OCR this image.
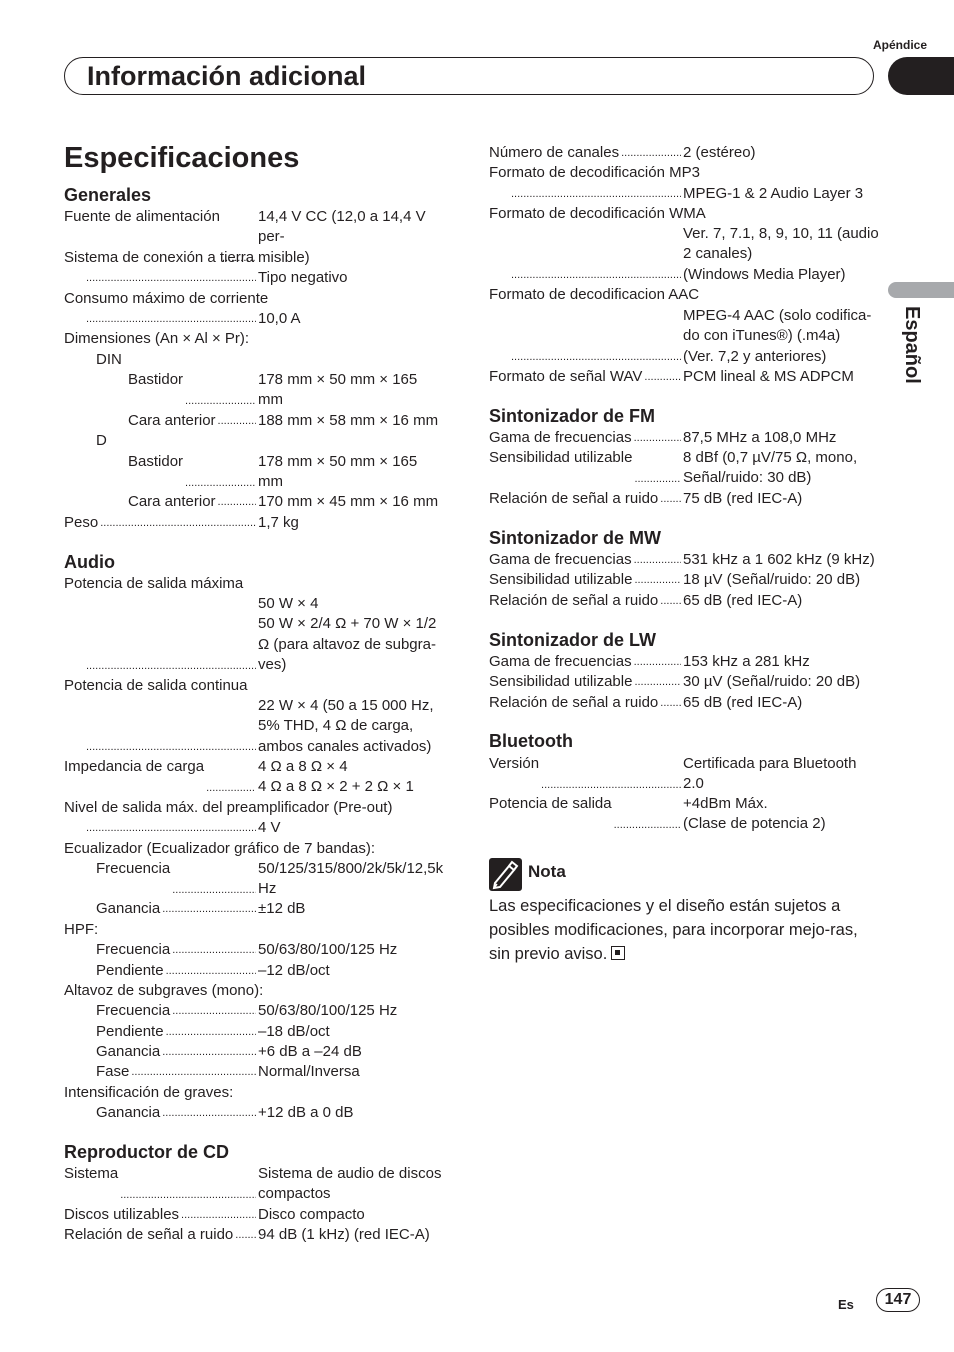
Apéndice
Información adicional
Español
Especificaciones
Generales
Fuente de alimentación .....	14,4 V CC (12,0 a 14,4 V per-
misible)
Sistema de conexión a tierra
.....
Tipo negativo
Consumo máximo de corriente
.....
10,0 A
Dimensiones (An × Al × Pr):
DIN
Bastidor .....	178 mm × 50 mm × 165
mm
Cara anterior .....	188 mm × 58 mm × 16 mm
D
Bastidor .....	178 mm × 50 mm × 165
mm
Cara anterior .....	170 mm × 45 mm × 16 mm
Peso .....	1,7 kg
Audio
Potencia de salida máxima
.....
50 W × 4
50 W × 2/4 Ω + 70 W × 1/2
Ω (para altavoz de subgra-
ves)
Potencia de salida continua
.....
22 W × 4 (50 a 15 000 Hz,
5% THD, 4 Ω de carga,
ambos canales activados)
Impedancia de carga .....	4 Ω a 8 Ω × 4
4 Ω a 8 Ω × 2 + 2 Ω × 1
Nivel de salida máx. del preamplificador (Pre-out)
.....
4 V
Ecualizador (Ecualizador gráfico de 7 bandas):
Frecuencia .....	50/125/315/800/2k/5k/12,5k
Hz
Ganancia .....	±12 dB
HPF:
Frecuencia .....	50/63/80/100/125 Hz
Pendiente .....	–12 dB/oct
Altavoz de subgraves (mono):
Frecuencia .....	50/63/80/100/125 Hz
Pendiente .....	–18 dB/oct
Ganancia .....	+6 dB a –24 dB
Fase .....	Normal/Inversa
Intensificación de graves:
Ganancia .....	+12 dB a 0 dB
Reproductor de CD
Sistema .....	Sistema de audio de discos
compactos
Discos utilizables .....	Disco compacto
Relación de señal a ruido ..... 94 dB (1 kHz) (red IEC-A)
Número de canales .....	2 (estéreo)
Formato de decodificación MP3
.....
MPEG-1 & 2 Audio Layer 3
Formato de decodificación WMA
.....
Ver. 7, 7.1, 8, 9, 10, 11 (audio
2 canales)
(Windows Media Player)
Formato de decodificacion AAC
.....
MPEG-4 AAC (solo codifica-
do con iTunes®) (.m4a)
(Ver. 7,2 y anteriores)
Formato de señal WAV .....	PCM lineal & MS ADPCM
Sintonizador de FM
Gama de frecuencias .....	87,5 MHz a 108,0 MHz
Sensibilidad utilizable .....	8 dBf (0,7 µV/75 Ω, mono,
Señal/ruido: 30 dB)
Relación de señal a ruido ..... 75 dB (red IEC-A)
Sintonizador de MW
Gama de frecuencias .....	531 kHz a 1 602 kHz (9 kHz)
Sensibilidad utilizable .....	18 µV (Señal/ruido: 20 dB)
Relación de señal a ruido ..... 65 dB (red IEC-A)
Sintonizador de LW
Gama de frecuencias .....	153 kHz a 281 kHz
Sensibilidad utilizable .....	30 µV (Señal/ruido: 20 dB)
Relación de señal a ruido ..... 65 dB (red IEC-A)
Bluetooth
Versión .....	Certificada para Bluetooth
2.0
Potencia de salida .....	+4dBm Máx.
(Clase de potencia 2)
Nota
Las especificaciones y el diseño están sujetos a posibles modificaciones, para incorporar mejo-ras, sin previo aviso.
Es	147
